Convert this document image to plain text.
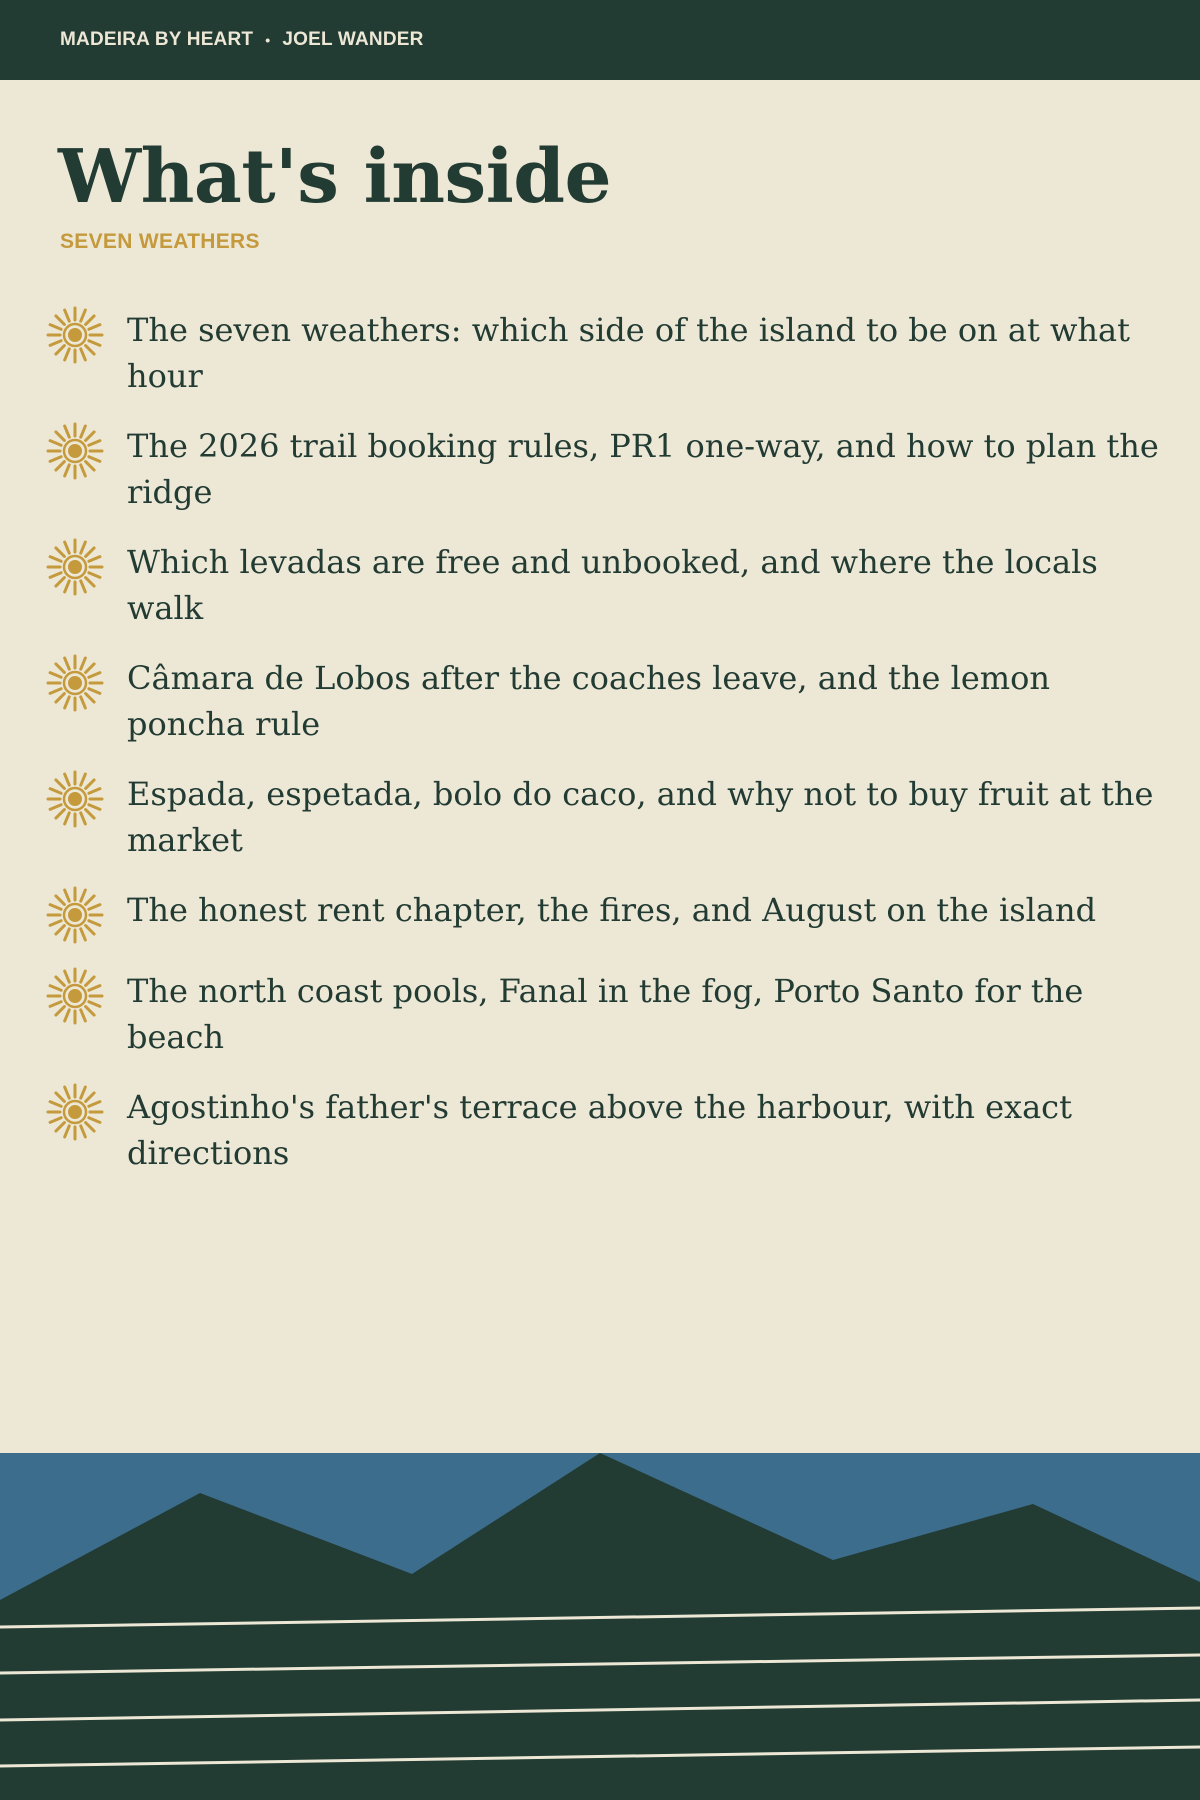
MADEIRA BY HEART • JOEL WANDER
What's inside
SEVEN WEATHERS
The seven weathers: which side of the island to be on at what hour
The 2026 trail booking rules, PR1 one-way, and how to plan the ridge
Which levadas are free and unbooked, and where the locals walk
Câmara de Lobos after the coaches leave, and the lemon poncha rule
Espada, espetada, bolo do caco, and why not to buy fruit at the market
The honest rent chapter, the fires, and August on the island
The north coast pools, Fanal in the fog, Porto Santo for the beach
Agostinho's father's terrace above the harbour, with exact directions
